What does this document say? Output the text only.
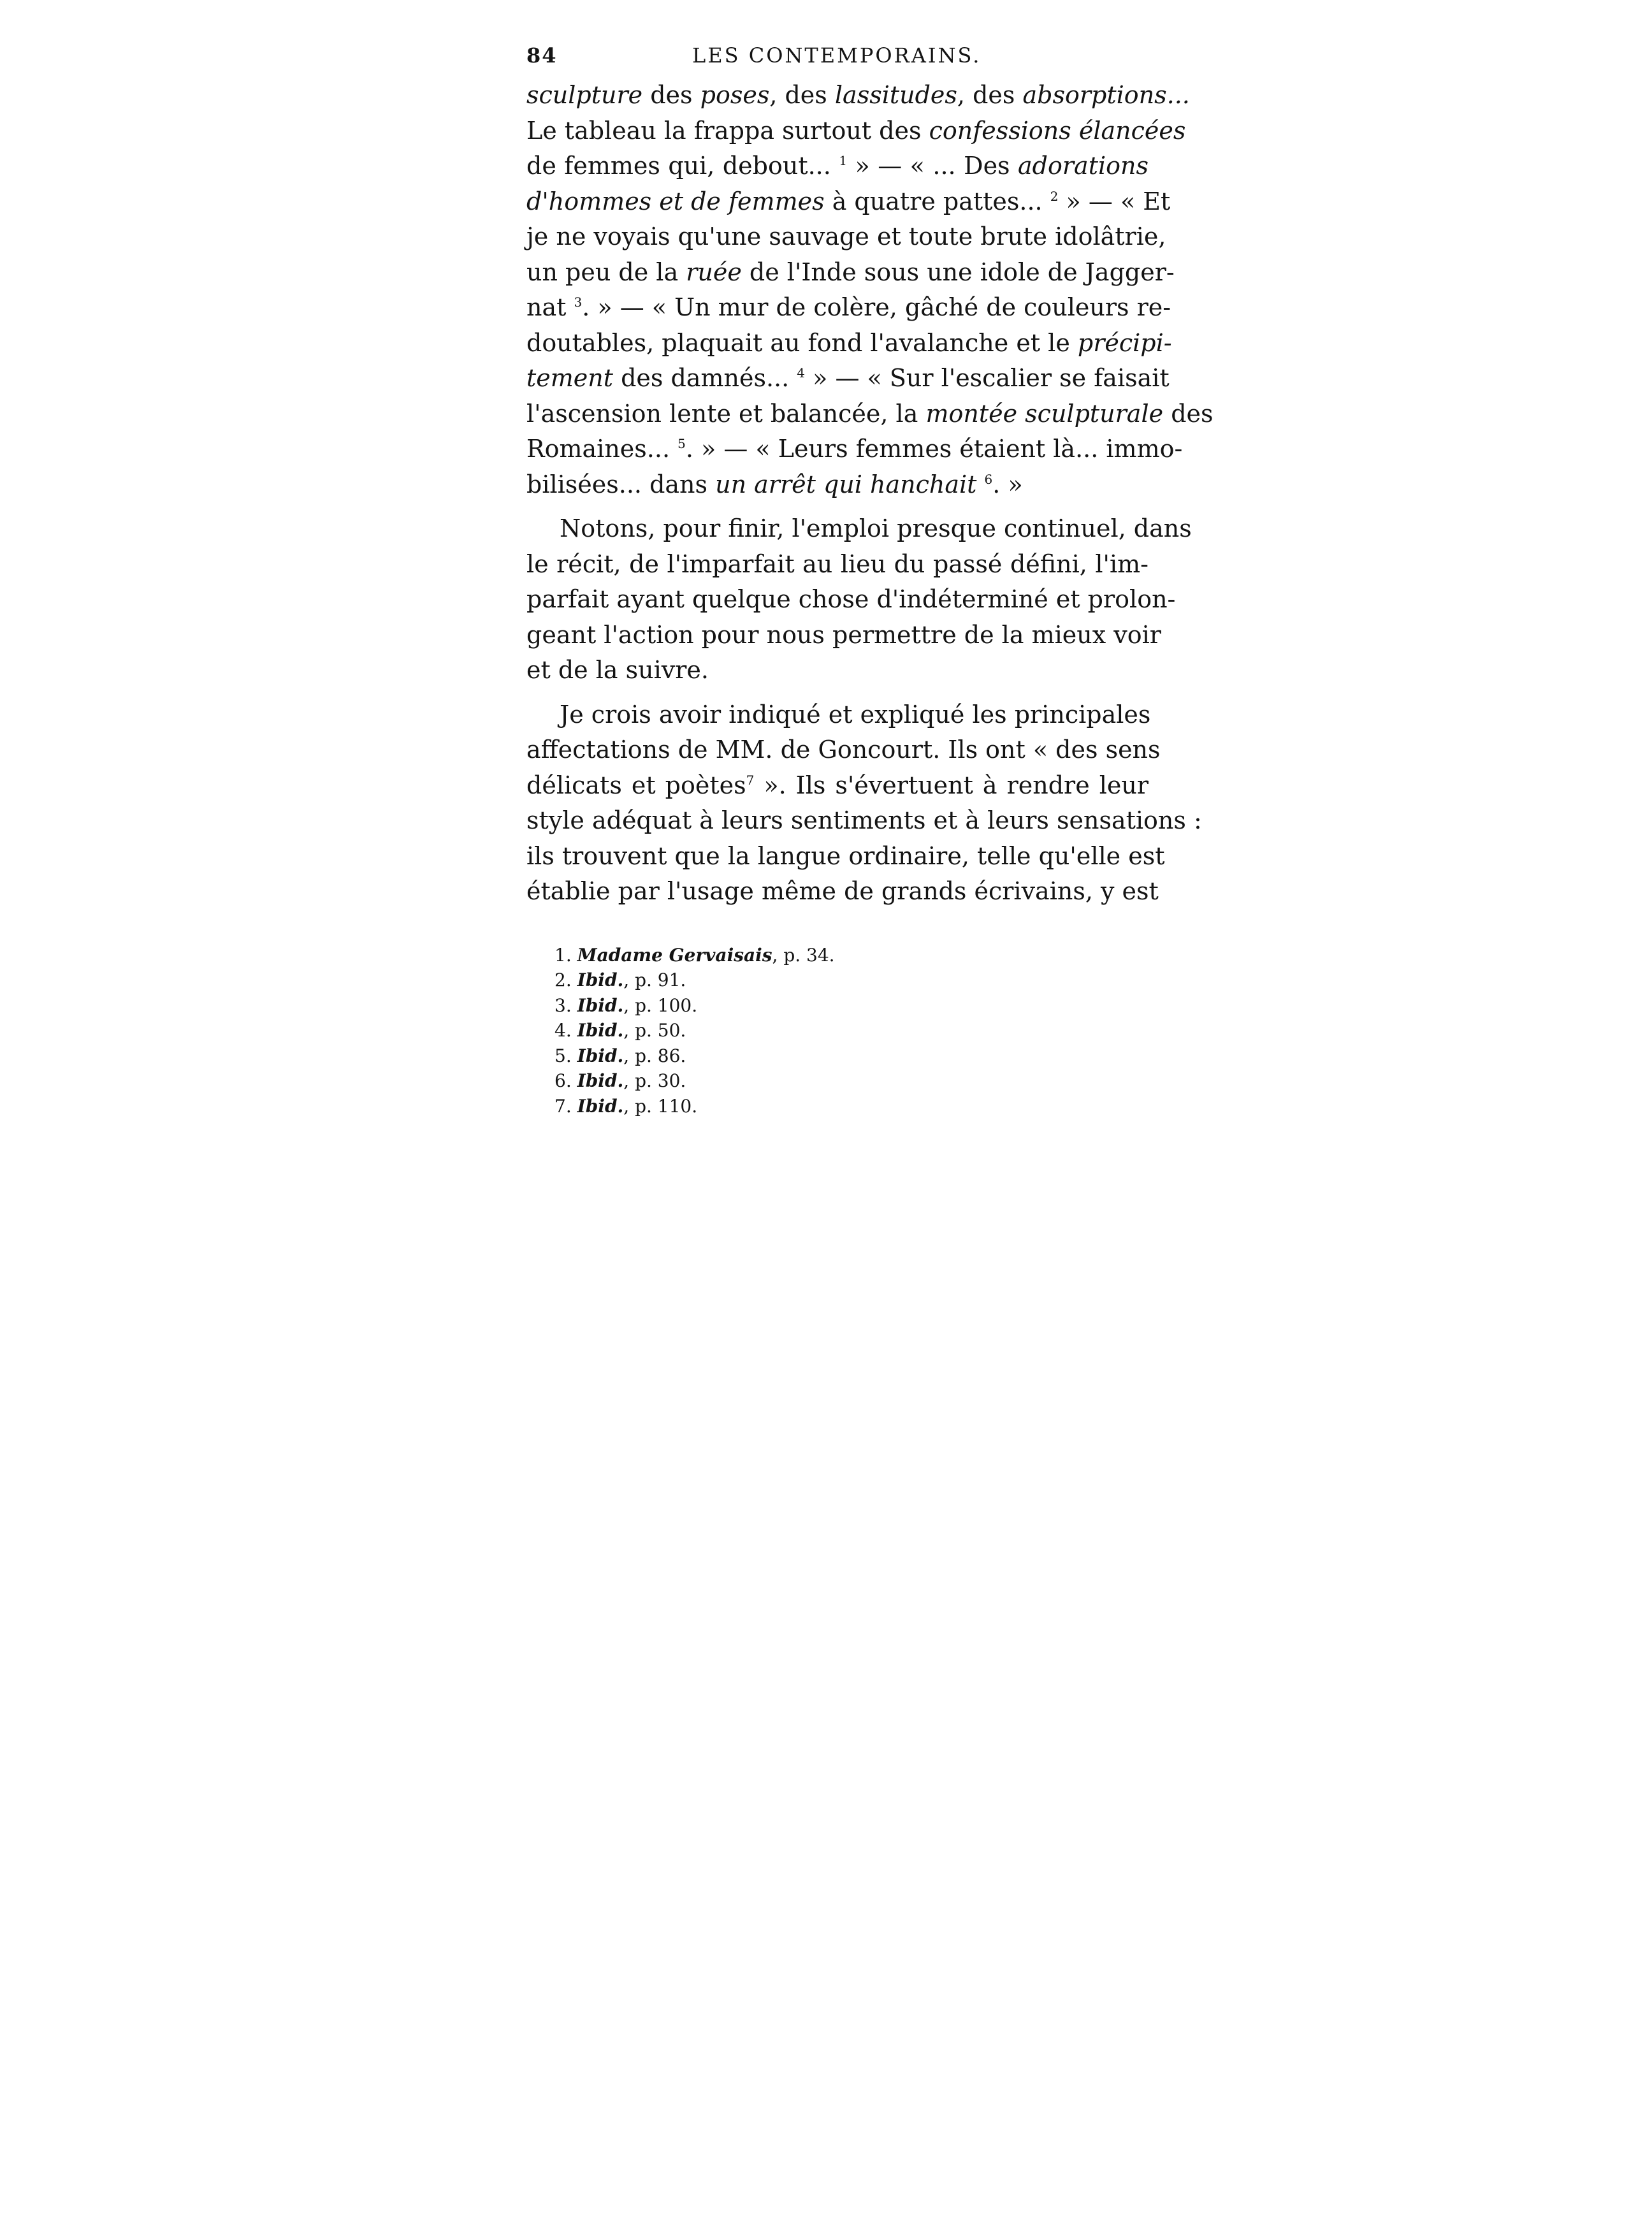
84	LES CONTEMPORAINS.
sculpture des poses, des lassitudes, des absorptions...
Le tableau la frappa surtout des confessions élancées
de femmes qui, debout... $^1$ » — « ... Des adorations
d'hommes et de femmes à quatre pattes... $^2$ » — « Et
je ne voyais qu'une sauvage et toute brute idolâtrie,
un peu de la ruée de l'Inde sous une idole de Jagger-
nat $^3$. » — « Un mur de colère, gâché de couleurs re-
doutables, plaquait au fond l'avalanche et le précipi-
tement des damnés... $^4$ » — « Sur l'escalier se faisait
l'ascension lente et balancée, la montée sculpturale des
Romaines... $^5$. » — « Leurs femmes étaient là... immo-
bilisées... dans un arrêt qui hanchait $^6$. »
Notons, pour finir, l'emploi presque continuel, dans
le récit, de l'imparfait au lieu du passé défini, l'im-
parfait ayant quelque chose d'indéterminé et prolon-
geant l'action pour nous permettre de la mieux voir
et de la suivre.
Je crois avoir indiqué et expliqué les principales
affectations de MM. de Goncourt. Ils ont « des sens
délicats et poètes$^7$ ». Ils s'évertuent à rendre leur
style adéquat à leurs sentiments et à leurs sensations :
ils trouvent que la langue ordinaire, telle qu'elle est
établie par l'usage même de grands écrivains, y est
1. Madame Gervaisais, p. 34.
2. Ibid., p. 91.
3. Ibid., p. 100.
4. Ibid., p. 50.
5. Ibid., p. 86.
6. Ibid., p. 30.
7. Ibid., p. 110.
